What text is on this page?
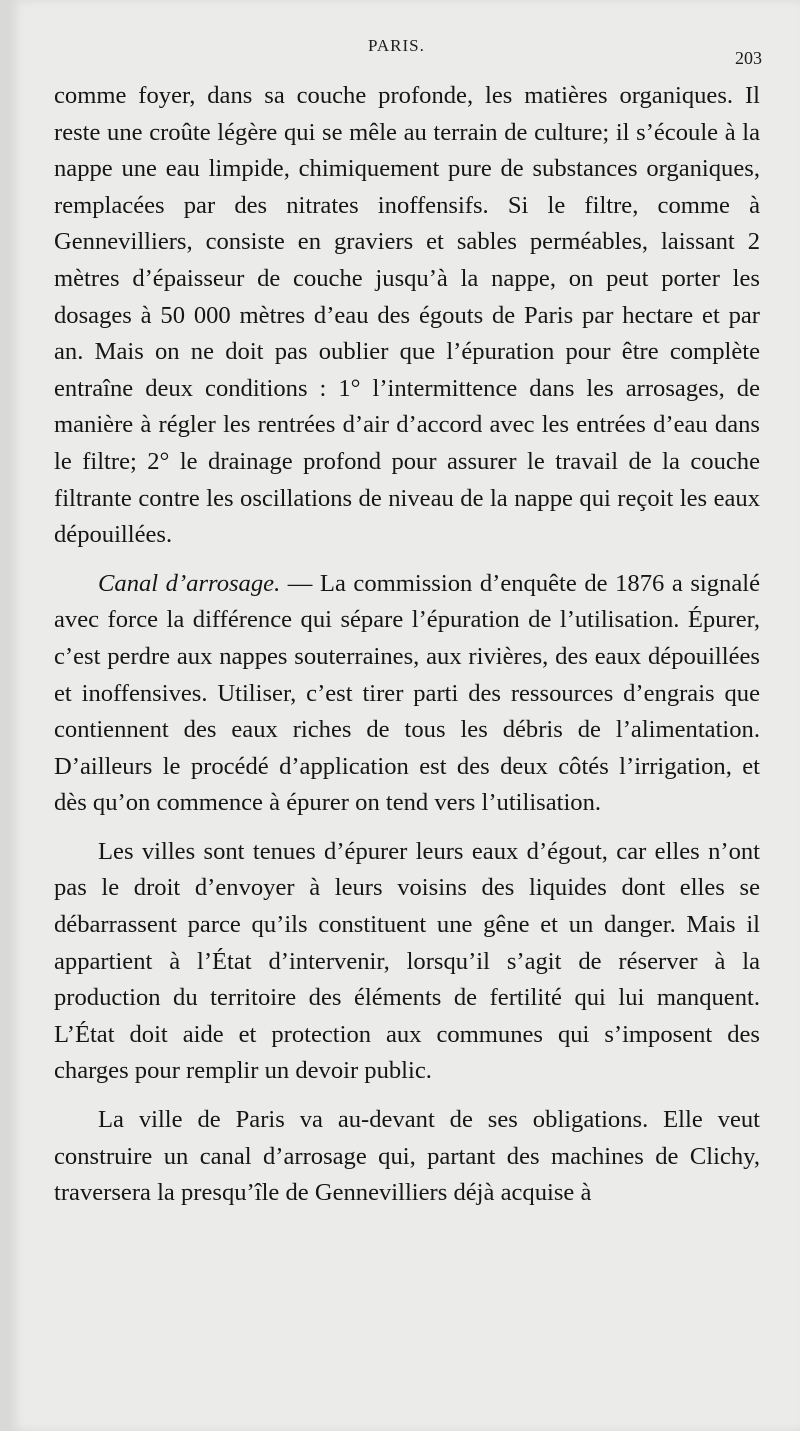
PARIS.
203

comme foyer, dans sa couche profonde, les matières organiques. Il reste une croûte légère qui se mêle au terrain de culture; il s’écoule à la nappe une eau limpide, chimiquement pure de substances organiques, remplacées par des nitrates inoffensifs. Si le filtre, comme à Gennevilliers, consiste en graviers et sables perméables, laissant 2 mètres d’épaisseur de couche jusqu’à la nappe, on peut porter les dosages à 50 000 mètres d’eau des égouts de Paris par hectare et par an. Mais on ne doit pas oublier que l’épuration pour être complète entraîne deux conditions : 1° l’intermittence dans les arrosages, de manière à régler les rentrées d’air d’accord avec les entrées d’eau dans le filtre; 2° le drainage profond pour assurer le travail de la couche filtrante contre les oscillations de niveau de la nappe qui reçoit les eaux dépouillées.

Canal d’arrosage. — La commission d’enquête de 1876 a signalé avec force la différence qui sépare l’épuration de l’utilisation. Épurer, c’est perdre aux nappes souterraines, aux rivières, des eaux dépouillées et inoffensives. Utiliser, c’est tirer parti des ressources d’engrais que contiennent des eaux riches de tous les débris de l’alimentation. D’ailleurs le procédé d’application est des deux côtés l’irrigation, et dès qu’on commence à épurer on tend vers l’utilisation.

Les villes sont tenues d’épurer leurs eaux d’égout, car elles n’ont pas le droit d’envoyer à leurs voisins des liquides dont elles se débarrassent parce qu’ils constituent une gêne et un danger. Mais il appartient à l’État d’intervenir, lorsqu’il s’agit de réserver à la production du territoire des éléments de fertilité qui lui manquent. L’État doit aide et protection aux communes qui s’imposent des charges pour remplir un devoir public.

La ville de Paris va au-devant de ses obligations. Elle veut construire un canal d’arrosage qui, partant des machines de Clichy, traversera la presqu’île de Gennevilliers déjà acquise à
